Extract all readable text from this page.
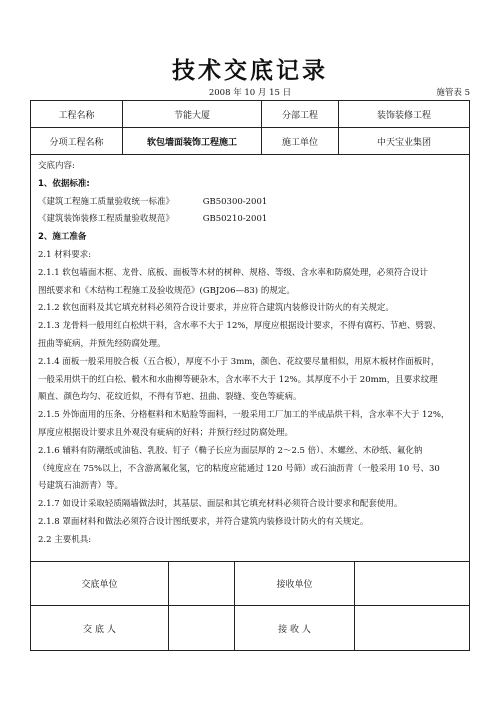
技术交底记录
2008 年 10 月 15 日	施管表 5
工程名称	节能大厦	分部工程	装饰装修工程
分项工程名称	软包墙面装饰工程施工	施工单位	中天宝业集团
交底内容:
1、依据标准:
《建筑工程施工质量验收统一标准》	GB50300-2001
《建筑装饰装修工程质量验收规范》	GB50210-2001
2、施工准备
2.1 材料要求:
2.1.1 软包墙面木框、龙骨、底板、面板等木材的树种、规格、等级、含水率和防腐处理，必须符合设计
图纸要求和《木结构工程施工及验收规范》(GBJ206—83) 的规定。
2.1.2 软包面料及其它填充材料必须符合设计要求，并应符合建筑内装修设计防火的有关规定。
2.1.3 龙骨料一般用红白松烘干料，含水率不大于 12%，厚度应根据设计要求，不得有腐朽、节疤、劈裂、
扭曲等疵病，并预先经防腐处理。
2.1.4 面板一般采用胶合板（五合板），厚度不小于 3mm，颜色、花纹要尽量相似，用原木板材作面板时，
一般采用烘干的红白松、椴木和水曲柳等硬杂木，含水率不大于 12%。其厚度不小于 20mm，且要求纹理
顺直、颜色均匀、花纹近似，不得有节疤、扭曲、裂缝、变色等疵病。
2.1.5 外饰面用的压条、分格框料和木贴脸等面料，一般采用工厂加工的半成品烘干料，含水率不大于 12%，
厚度应根据设计要求且外观没有疵病的好料；并预行经过防腐处理。
2.1.6 辅料有防潮纸或油毡、乳胶、钉子（椭子长应为面层厚的 2～2.5 倍）、木螺丝、木砂纸、氟化钠
（纯度应在 75%以上，不含游离氟化氢，它的粘度应能通过 120 号筛）或石油沥青（一般采用 10 号、30
号建筑石油沥青）等。
2.1.7 如设计采取轻质隔墙做法时，其基层、面层和其它填充材料必须符合设计要求和配套使用。
2.1.8 罩面材料和做法必须符合设计图纸要求，并符合建筑内装修设计防火的有关规定。
2.2 主要机具:
交底单位	接收单位
交 底 人	接 收 人
